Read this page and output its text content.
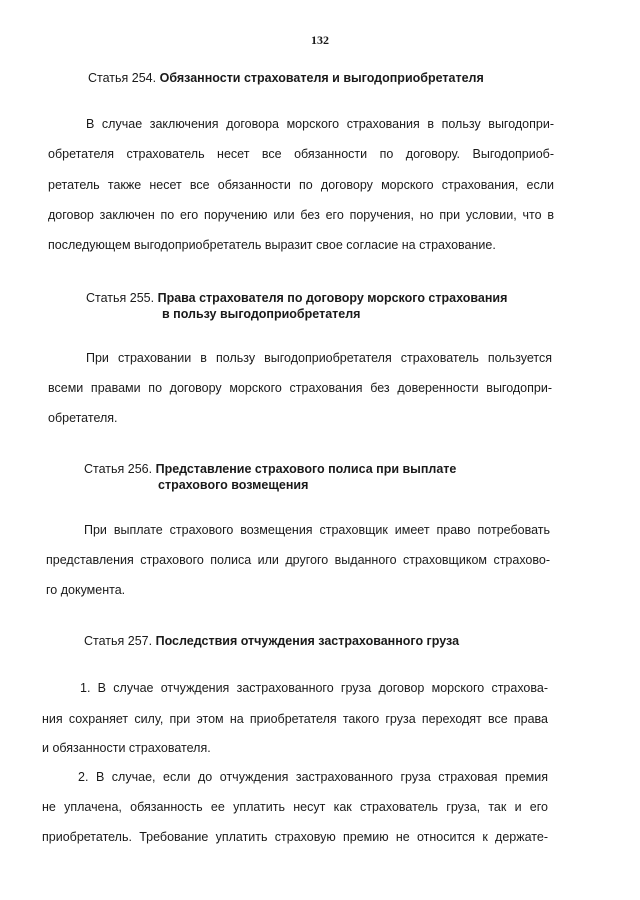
132
Статья 254. Обязанности страхователя и выгодоприобретателя
В случае заключения договора морского страхования в пользу выгодопри-
обретателя страхователь несет все обязанности по договору. Выгодоприоб-
ретатель также несет все обязанности по договору морского страхования, если
договор заключен по его поручению или без его поручения, но при условии, что в
последующем выгодоприобретатель выразит свое согласие на страхование.
Статья 255. Права страхователя по договору морского страхования
в пользу выгодоприобретателя
При страховании в пользу выгодоприобретателя страхователь пользуется
всеми правами по договору морского страхования без доверенности выгодопри-
обретателя.
Статья 256. Представление страхового полиса при выплате
страхового возмещения
При выплате страхового возмещения страховщик имеет право потребовать
представления страхового полиса или другого выданного страховщиком страхово-
го документа.
Статья 257. Последствия отчуждения застрахованного груза
1. В случае отчуждения застрахованного груза договор морского страхова-
ния сохраняет силу, при этом на приобретателя такого груза переходят все права
и обязанности страхователя.
2. В случае, если до отчуждения застрахованного груза страховая премия
не уплачена, обязанность ее уплатить несут как страхователь груза, так и его
приобретатель. Требование уплатить страховую премию не относится к держате-
